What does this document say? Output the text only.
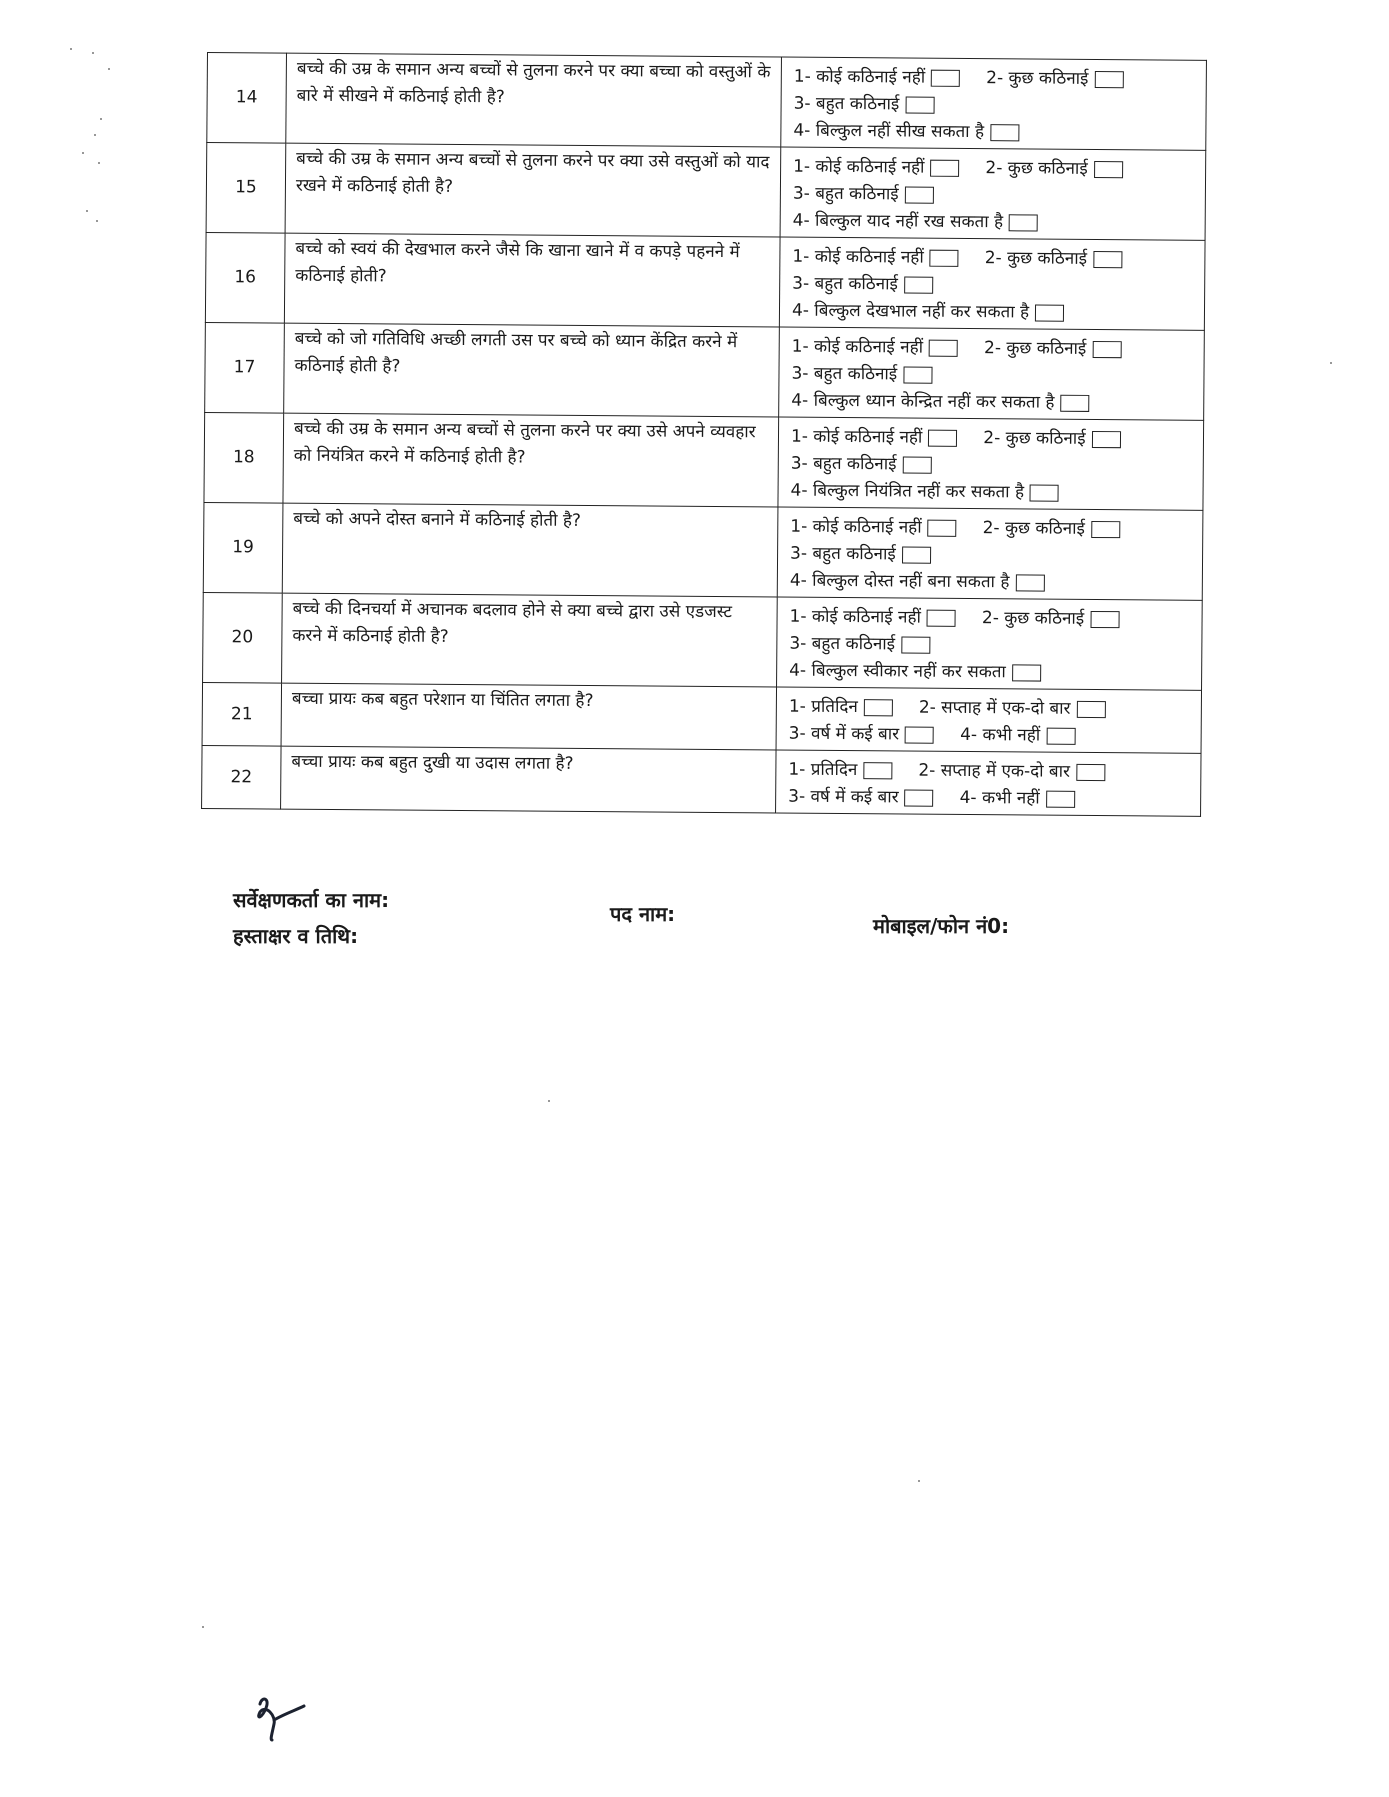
14	बच्चे की उम्र के समान अन्य बच्चों से तुलना करने पर क्या बच्चा को वस्तुओं के बारे में सीखने में कठिनाई होती है?	1- कोई कठिनाई नहीं 2- कुछ कठिनाई
3- बहुत कठिनाई
4- बिल्कुल नहीं सीख सकता है

15	बच्चे की उम्र के समान अन्य बच्चों से तुलना करने पर क्या उसे वस्तुओं को याद रखने में कठिनाई होती है?	1- कोई कठिनाई नहीं 2- कुछ कठिनाई
3- बहुत कठिनाई
4- बिल्कुल याद नहीं रख सकता है

16	बच्चे को स्वयं की देखभाल करने जैसे कि खाना खाने में व कपड़े पहनने में कठिनाई होती?	1- कोई कठिनाई नहीं 2- कुछ कठिनाई
3- बहुत कठिनाई
4- बिल्कुल देखभाल नहीं कर सकता है

17	बच्चे को जो गतिविधि अच्छी लगती उस पर बच्चे को ध्यान केंद्रित करने में कठिनाई होती है?	1- कोई कठिनाई नहीं 2- कुछ कठिनाई
3- बहुत कठिनाई
4- बिल्कुल ध्यान केन्द्रित नहीं कर सकता है

18	बच्चे की उम्र के समान अन्य बच्चों से तुलना करने पर क्या उसे अपने व्यवहार को नियंत्रित करने में कठिनाई होती है?	1- कोई कठिनाई नहीं 2- कुछ कठिनाई
3- बहुत कठिनाई
4- बिल्कुल नियंत्रित नहीं कर सकता है

19	बच्चे को अपने दोस्त बनाने में कठिनाई होती है?	1- कोई कठिनाई नहीं 2- कुछ कठिनाई
3- बहुत कठिनाई
4- बिल्कुल दोस्त नहीं बना सकता है

20	बच्चे की दिनचर्या में अचानक बदलाव होने से क्या बच्चे द्वारा उसे एडजस्ट करने में कठिनाई होती है?	1- कोई कठिनाई नहीं 2- कुछ कठिनाई
3- बहुत कठिनाई
4- बिल्कुल स्वीकार नहीं कर सकता

21	बच्चा प्रायः कब बहुत परेशान या चिंतित लगता है?	1- प्रतिदिन 2- सप्ताह में एक-दो बार
3- वर्ष में कई बार 4- कभी नहीं

22	बच्चा प्रायः कब बहुत दुखी या उदास लगता है?	1- प्रतिदिन 2- सप्ताह में एक-दो बार
3- वर्ष में कई बार 4- कभी नहीं
सर्वेक्षणकर्ता का नाम:
पद नाम:	मोबाइल/फोन नं0:
हस्ताक्षर व तिथि:
